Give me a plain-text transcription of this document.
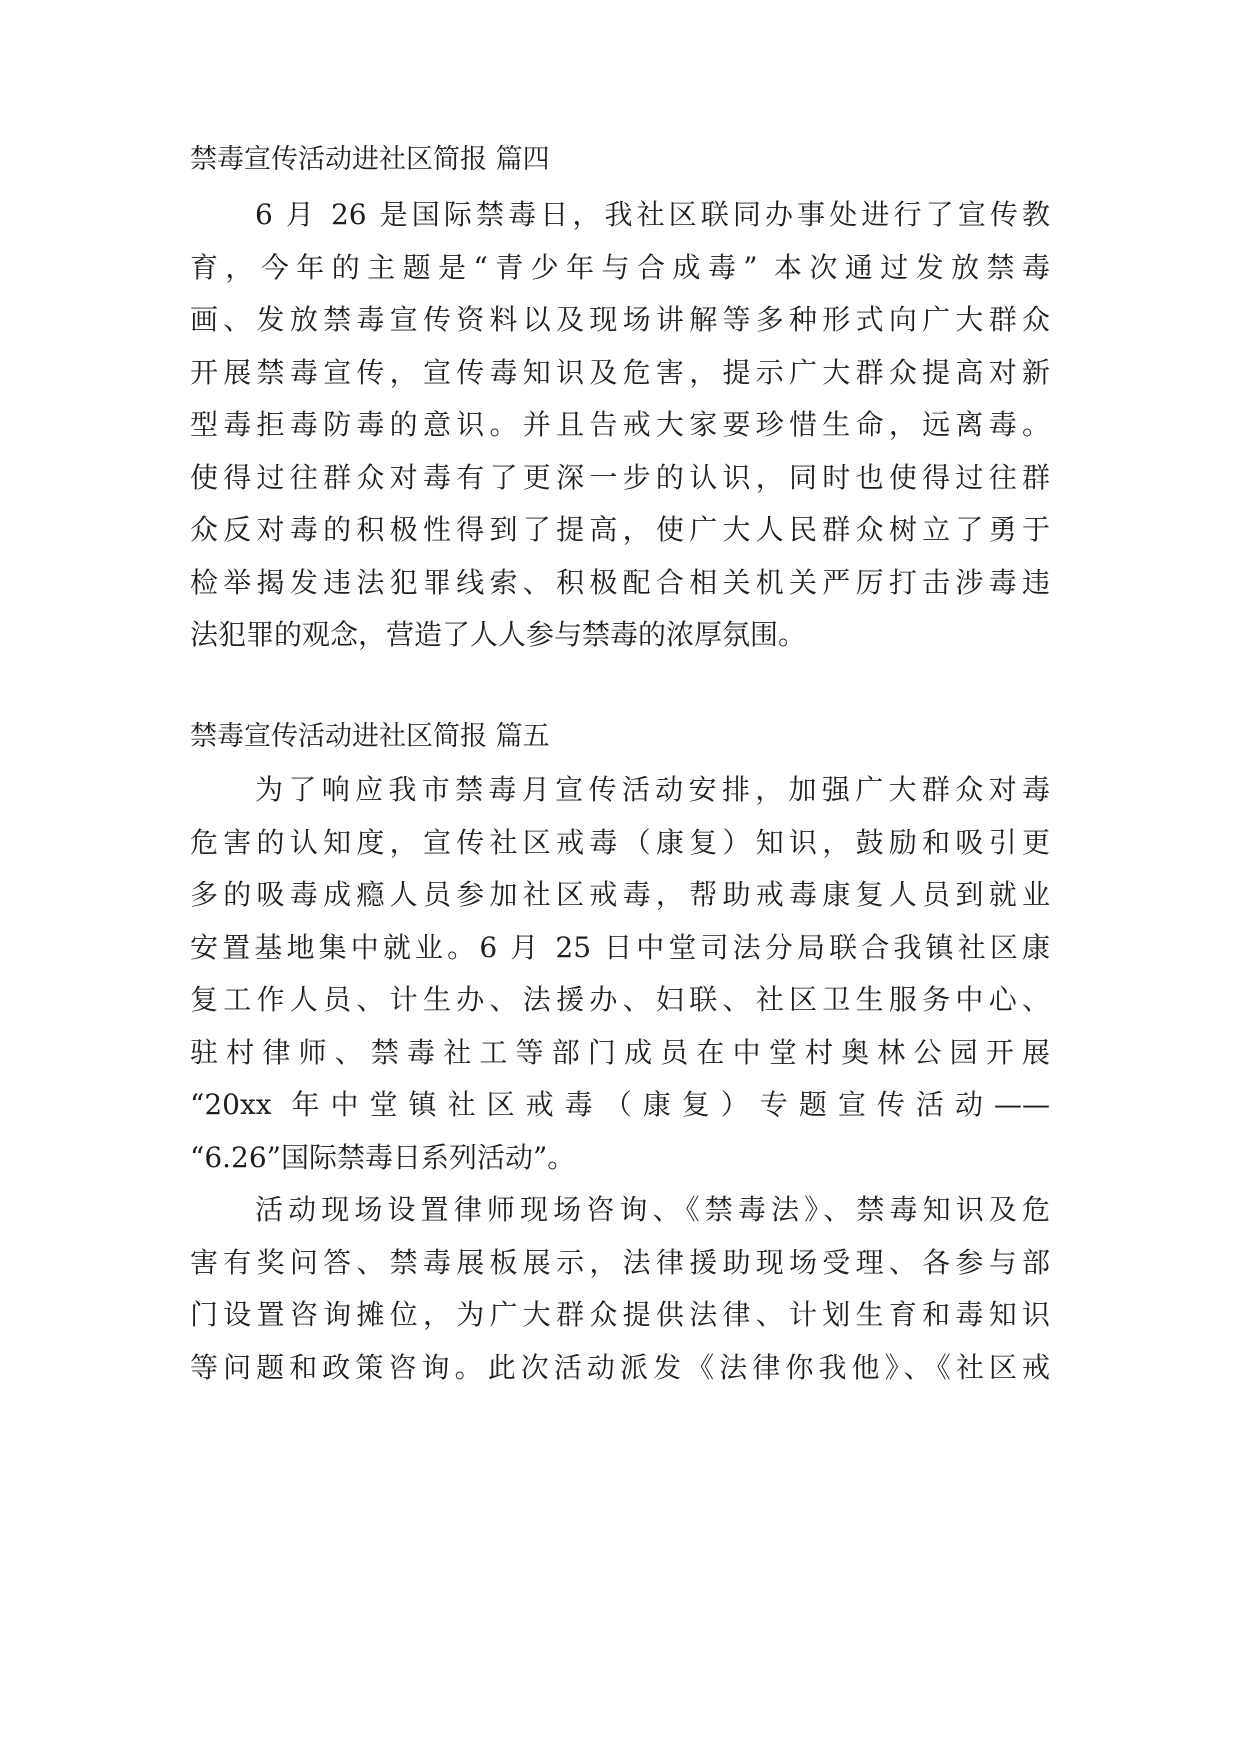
禁毒宣传活动进社区简报 篇四
6 月 26 是国际禁毒日，我社区联同办事处进行了宣传教
育，今年的主题是“青少年与合成毒” 本次通过发放禁毒
画、发放禁毒宣传资料以及现场讲解等多种形式向广大群众
开展禁毒宣传，宣传毒知识及危害，提示广大群众提高对新
型毒拒毒防毒的意识。并且告戒大家要珍惜生命，远离毒。
使得过往群众对毒有了更深一步的认识，同时也使得过往群
众反对毒的积极性得到了提高，使广大人民群众树立了勇于
检举揭发违法犯罪线索、积极配合相关机关严厉打击涉毒违
法犯罪的观念，营造了人人参与禁毒的浓厚氛围。
禁毒宣传活动进社区简报 篇五
为了响应我市禁毒月宣传活动安排，加强广大群众对毒
危害的认知度，宣传社区戒毒（康复）知识，鼓励和吸引更
多的吸毒成瘾人员参加社区戒毒，帮助戒毒康复人员到就业
安置基地集中就业。6 月 25 日中堂司法分局联合我镇社区康
复工作人员、计生办、法援办、妇联、社区卫生服务中心、
驻村律师、禁毒社工等部门成员在中堂村奥林公园开展
“20xx 年中堂镇社区戒毒（康复）专题宣传活动——
“6.26”国际禁毒日系列活动”。
活动现场设置律师现场咨询、《禁毒法》、禁毒知识及危
害有奖问答、禁毒展板展示，法律援助现场受理、各参与部
门设置咨询摊位，为广大群众提供法律、计划生育和毒知识
等问题和政策咨询。此次活动派发《法律你我他》、《社区戒
